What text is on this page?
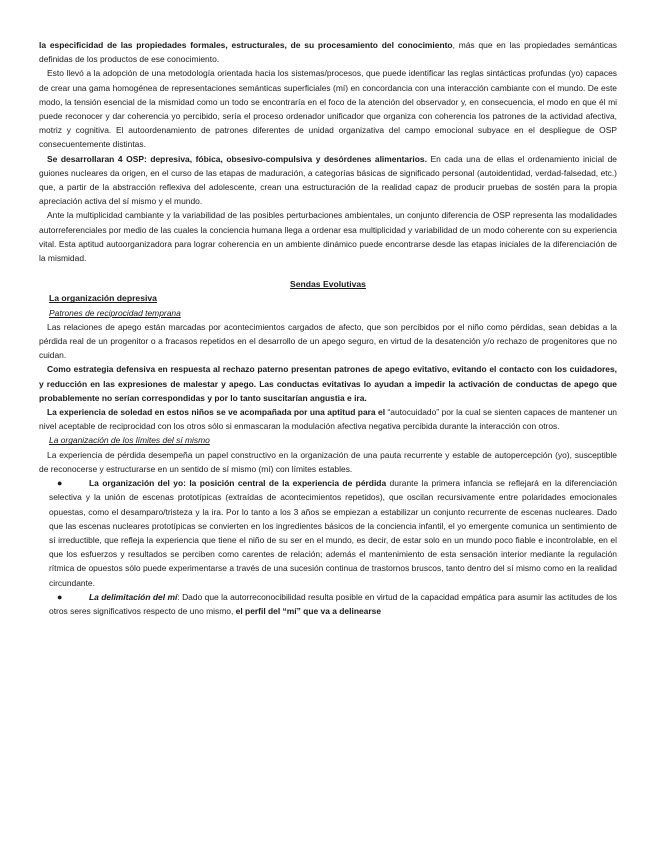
la especificidad de las propiedades formales, estructurales, de su procesamiento del conocimiento, más que en las propiedades semánticas definidas de los productos de ese conocimiento.

Esto llevó a la adopción de una metodología orientada hacia los sistemas/procesos, que puede identificar las reglas sintácticas profundas (yo) capaces de crear una gama homogénea de representaciones semánticas superficiales (mí) en concordancia con una interacción cambiante con el mundo. De este modo, la tensión esencial de la mismidad como un todo se encontraría en el foco de la atención del observador y, en consecuencia, el modo en que él mi puede reconocer y dar coherencia yo percibido, sería el proceso ordenador unificador que organiza con coherencia los patrones de la actividad afectiva, motriz y cognitiva. El autoordenamiento de patrones diferentes de unidad organizativa del campo emocional subyace en el despliegue de OSP consecuentemente distintas.

Se desarrollaran 4 OSP: depresiva, fóbica, obsesivo-compulsiva y desórdenes alimentarios. En cada una de ellas el ordenamiento inicial de guiones nucleares da origen, en el curso de las etapas de maduración, a categorías básicas de significado personal (autoidentidad, verdad-falsedad, etc.) que, a partir de la abstracción reflexiva del adolescente, crean una estructuración de la realidad capaz de producir pruebas de sostén para la propia apreciación activa del sí mismo y el mundo.

Ante la multiplicidad cambiante y la variabilidad de las posibles perturbaciones ambientales, un conjunto diferencia de OSP representa las modalidades autorreferenciales por medio de las cuales la conciencia humana llega a ordenar esa multiplicidad y variabilidad de un modo coherente con su experiencia vital. Esta aptitud autoorganizadora para lograr coherencia en un ambiente dinámico puede encontrarse desde las etapas iniciales de la diferenciación de la mismidad.

Sendas Evolutivas

La organización depresiva

Patrones de reciprocidad temprana

Las relaciones de apego están marcadas por acontecimientos cargados de afecto, que son percibidos por el niño como pérdidas, sean debidas a la pérdida real de un progenitor o a fracasos repetidos en el desarrollo de un apego seguro, en virtud de la desatención y/o rechazo de progenitores que no cuidan.

Como estrategia defensiva en respuesta al rechazo paterno presentan patrones de apego evitativo, evitando el contacto con los cuidadores, y reducción en las expresiones de malestar y apego. Las conductas evitativas lo ayudan a impedir la activación de conductas de apego que probablemente no serían correspondidas y por lo tanto suscitarían angustia e ira.

La experiencia de soledad en estos niños se ve acompañada por una aptitud para el “autocuidado” por la cual se sienten capaces de mantener un nivel aceptable de reciprocidad con los otros sólo si enmascaran la modulación afectiva negativa percibida durante la interacción con otros.

La organización de los límites del sí mismo

La experiencia de pérdida desempeña un papel constructivo en la organización de una pauta recurrente y estable de autopercepción (yo), susceptible de reconocerse y estructurarse en un sentido de sí mismo (mí) con límites estables.

●	La organización del yo: la posición central de la experiencia de pérdida durante la primera infancia se reflejará en la diferenciación selectiva y la unión de escenas prototípicas (extraídas de acontecimientos repetidos), que oscilan recursivamente entre polaridades emocionales opuestas, como el desamparo/tristeza y la ira. Por lo tanto a los 3 años se empiezan a estabilizar un conjunto recurrente de escenas nucleares. Dado que las escenas nucleares prototípicas se convierten en los ingredientes básicos de la conciencia infantil, el yo emergente comunica un sentimiento de sí irreductible, que refleja la experiencia que tiene el niño de su ser en el mundo, es decir, de estar solo en un mundo poco fiable e incontrolable, en el que los esfuerzos y resultados se perciben como carentes de relación; además el mantenimiento de esta sensación interior mediante la regulación rítmica de opuestos sólo puede experimentarse a través de una sucesión continua de trastornos bruscos, tanto dentro del sí mismo como en la realidad circundante.

●	La delimitación del mí: Dado que la autorreconocibilidad resulta posible en virtud de la capacidad empática para asumir las actitudes de los otros seres significativos respecto de uno mismo, el perfil del “mí” que va a delinearse
